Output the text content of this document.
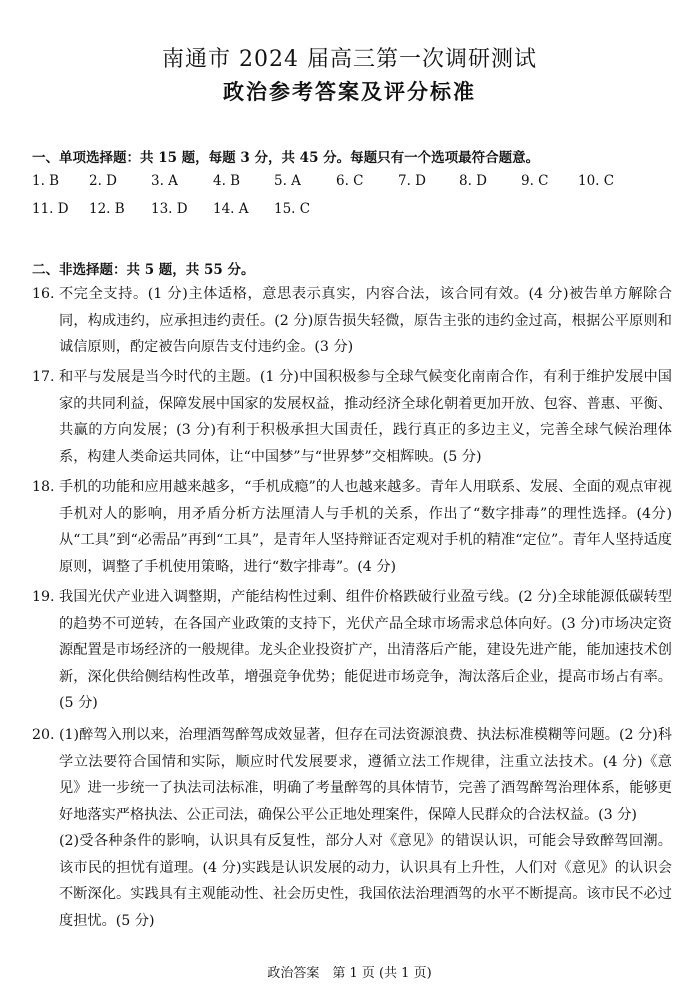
南通市 2024 届高三第一次调研测试
政治参考答案及评分标准
一、单项选择题：共 15 题，每题 3 分，共 45 分。每题只有一个选项最符合题意。
1. B 2. D	3. A	4. B	5. A	6. C	7. D 8. D	9. C 10. C
11. D 12. B 13. D 14. A 15. C
二、非选择题：共 5 题，共 55 分。
16. 不完全支持。(1 分)主体适格，意思表示真实，内容合法，该合同有效。(4 分)被告单方解除合同，构成违约，应承担违约责任。(2 分)原告损失轻微，原告主张的违约金过高，根据公平原则和诚信原则，酌定被告向原告支付违约金。(3 分)
17. 和平与发展是当今时代的主题。(1 分)中国积极参与全球气候变化南南合作，有利于维护发展中国家的共同利益，保障发展中国家的发展权益，推动经济全球化朝着更加开放、包容、普惠、平衡、共赢的方向发展；(3 分)有利于积极承担大国责任，践行真正的多边主义，完善全球气候治理体系，构建人类命运共同体，让“中国梦”与“世界梦”交相辉映。(5 分)
18. 手机的功能和应用越来越多，“手机成瘾”的人也越来越多。青年人用联系、发展、全面的观点审视手机对人的影响，用矛盾分析方法厘清人与手机的关系，作出了“数字排毒”的理性选择。(4分)从“工具”到“必需品”再到“工具”，是青年人坚持辩证否定观对手机的精准“定位”。青年人坚持适度原则，调整了手机使用策略，进行“数字排毒”。(4 分)
19. 我国光伏产业进入调整期，产能结构性过剩、组件价格跌破行业盈亏线。(2 分)全球能源低碳转型的趋势不可逆转，在各国产业政策的支持下，光伏产品全球市场需求总体向好。(3 分)市场决定资源配置是市场经济的一般规律。龙头企业投资扩产，出清落后产能，建设先进产能，能加速技术创新，深化供给侧结构性改革，增强竞争优势；能促进市场竞争，淘汰落后企业，提高市场占有率。(5 分)
20. (1)醉驾入刑以来，治理酒驾醉驾成效显著，但存在司法资源浪费、执法标准模糊等问题。(2 分)科学立法要符合国情和实际，顺应时代发展要求，遵循立法工作规律，注重立法技术。(4 分)《意见》进一步统一了执法司法标准，明确了考量醉驾的具体情节，完善了酒驾醉驾治理体系，能够更好地落实严格执法、公正司法，确保公平公正地处理案件，保障人民群众的合法权益。(3 分)
(2)受各种条件的影响，认识具有反复性，部分人对《意见》的错误认识，可能会导致醉驾回潮。该市民的担忧有道理。(4 分)实践是认识发展的动力，认识具有上升性，人们对《意见》的认识会不断深化。实践具有主观能动性、社会历史性，我国依法治理酒驾的水平不断提高。该市民不必过度担忧。(5 分)
政治答案　第 1 页 (共 1 页)
